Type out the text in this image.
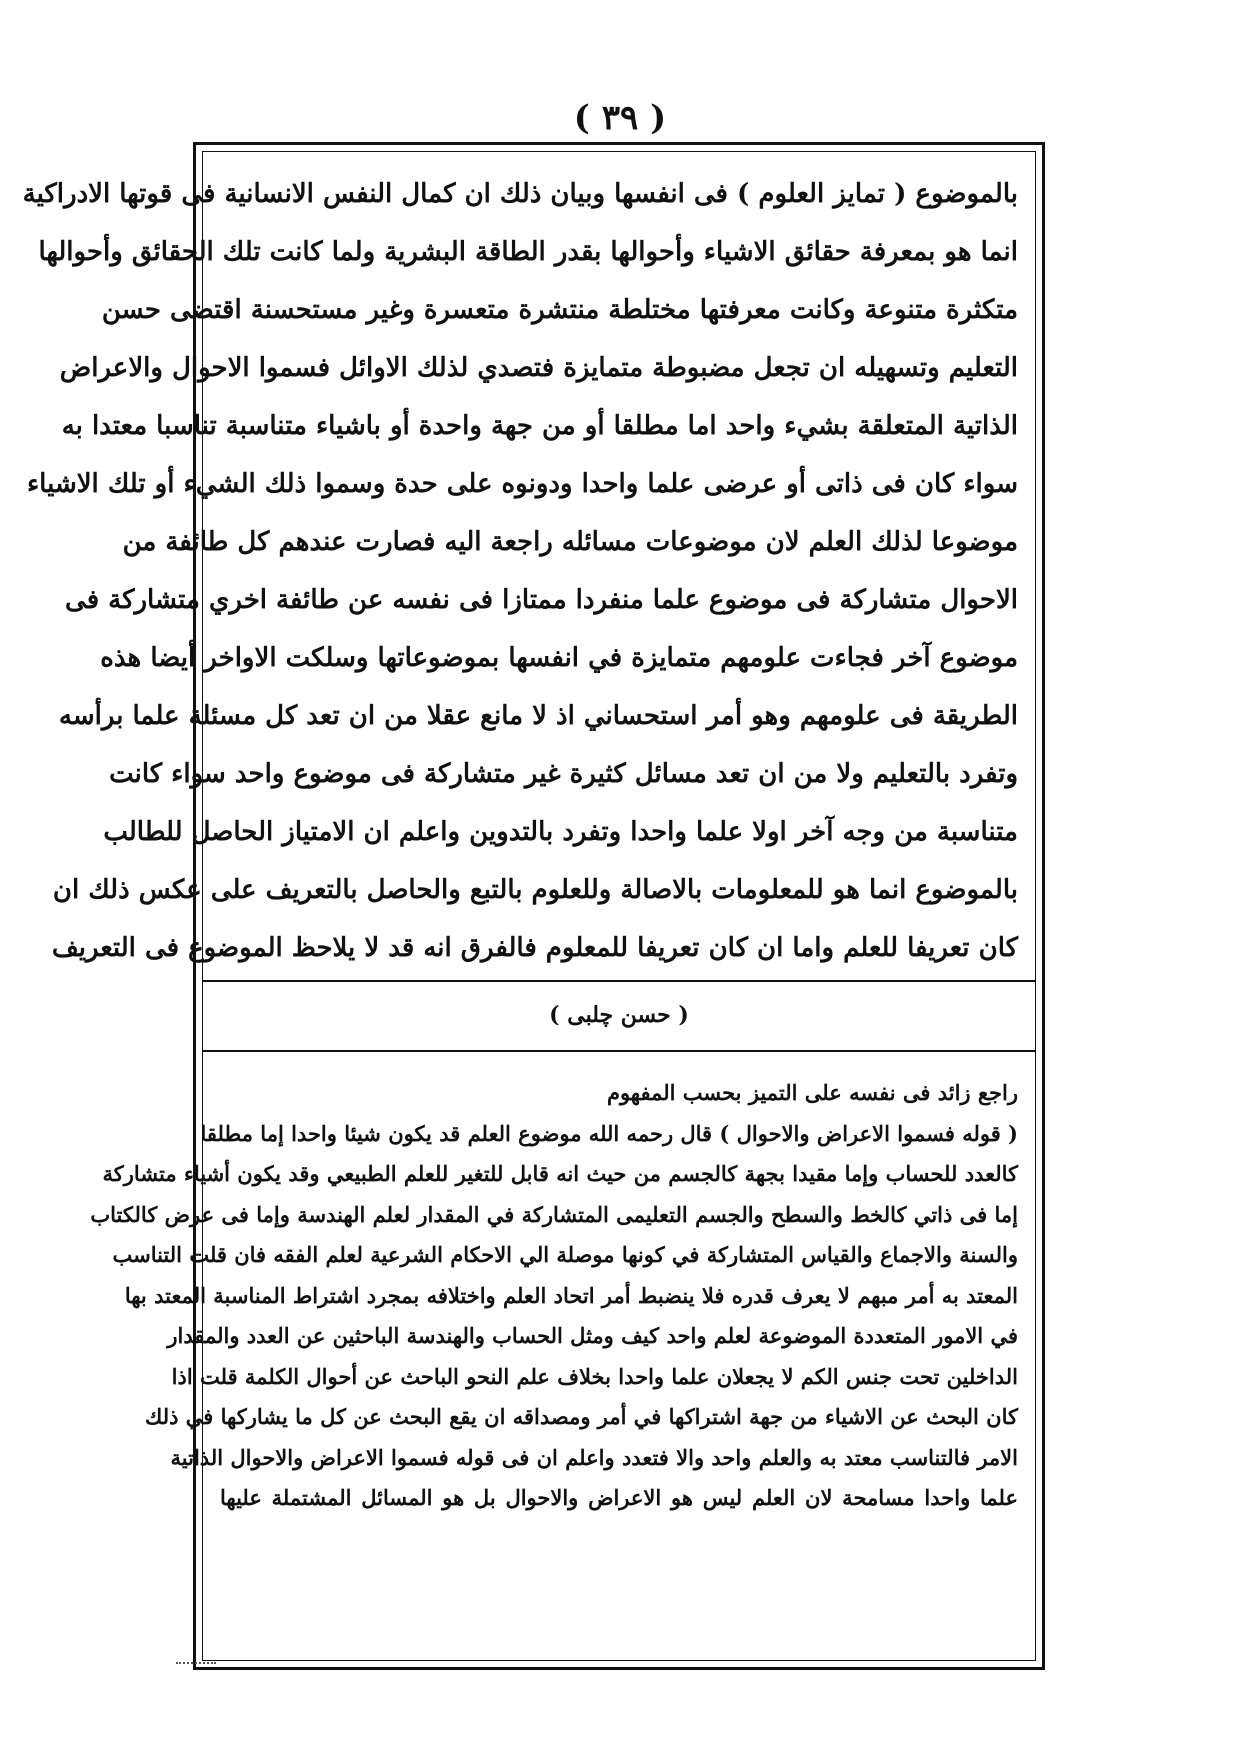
( ٣٩ )
بالموضوع ( تمايز العلوم ) فى انفسها وبيان ذلك ان كمال النفس الانسانية فى قوتها الادراكية
انما هو بمعرفة حقائق الاشياء وأحوالها بقدر الطاقة البشرية ولما كانت تلك الحقائق وأحوالها
متكثرة متنوعة وكانت معرفتها مختلطة منتشرة متعسرة وغير مستحسنة اقتضى حسن
التعليم وتسهيله ان تجعل مضبوطة متمايزة فتصدي لذلك الاوائل فسموا الاحوال والاعراض
الذاتية المتعلقة بشيء واحد اما مطلقا أو من جهة واحدة أو باشياء متناسبة تناسبا معتدا به
سواء كان فى ذاتى أو عرضى علما واحدا ودونوه على حدة وسموا ذلك الشيء أو تلك الاشياء
موضوعا لذلك العلم لان موضوعات مسائله راجعة اليه فصارت عندهم كل طائفة من
الاحوال متشاركة فى موضوع علما منفردا ممتازا فى نفسه عن طائفة اخري متشاركة فى
موضوع آخر فجاءت علومهم متمايزة في انفسها بموضوعاتها وسلكت الاواخر أيضا هذه
الطريقة فى علومهم وهو أمر استحساني اذ لا مانع عقلا من ان تعد كل مسئلة علما برأسه
وتفرد بالتعليم ولا من ان تعد مسائل كثيرة غير متشاركة فى موضوع واحد سواء كانت
متناسبة من وجه آخر اولا علما واحدا وتفرد بالتدوين واعلم ان الامتياز الحاصل للطالب
بالموضوع انما هو للمعلومات بالاصالة وللعلوم بالتبع والحاصل بالتعريف على عكس ذلك ان
كان تعريفا للعلم واما ان كان تعريفا للمعلوم فالفرق انه قد لا يلاحظ الموضوع فى التعريف
( حسن چلبى )
راجع زائد فى نفسه على التميز بحسب المفهوم
( قوله فسموا الاعراض والاحوال ) قال رحمه الله موضوع العلم قد يكون شيئا واحدا إما مطلقا
كالعدد للحساب وإما مقيدا بجهة كالجسم من حيث انه قابل للتغير للعلم الطبيعي وقد يكون أشياء متشاركة
إما فى ذاتي كالخط والسطح والجسم التعليمى المتشاركة في المقدار لعلم الهندسة وإما فى عرض كالكتاب
والسنة والاجماع والقياس المتشاركة في كونها موصلة الي الاحكام الشرعية لعلم الفقه فان قلت التناسب
المعتد به أمر مبهم لا يعرف قدره فلا ينضبط أمر اتحاد العلم واختلافه بمجرد اشتراط المناسبة المعتد بها
في الامور المتعددة الموضوعة لعلم واحد كيف ومثل الحساب والهندسة الباحثين عن العدد والمقدار
الداخلين تحت جنس الكم لا يجعلان علما واحدا بخلاف علم النحو الباحث عن أحوال الكلمة قلت اذا
كان البحث عن الاشياء من جهة اشتراكها في أمر ومصداقه ان يقع البحث عن كل ما يشاركها في ذلك
الامر فالتناسب معتد به والعلم واحد والا فتعدد واعلم ان فى قوله فسموا الاعراض والاحوال الذاتية
علما واحدا مسامحة لان العلم ليس هو الاعراض والاحوال بل هو المسائل المشتملة عليها
